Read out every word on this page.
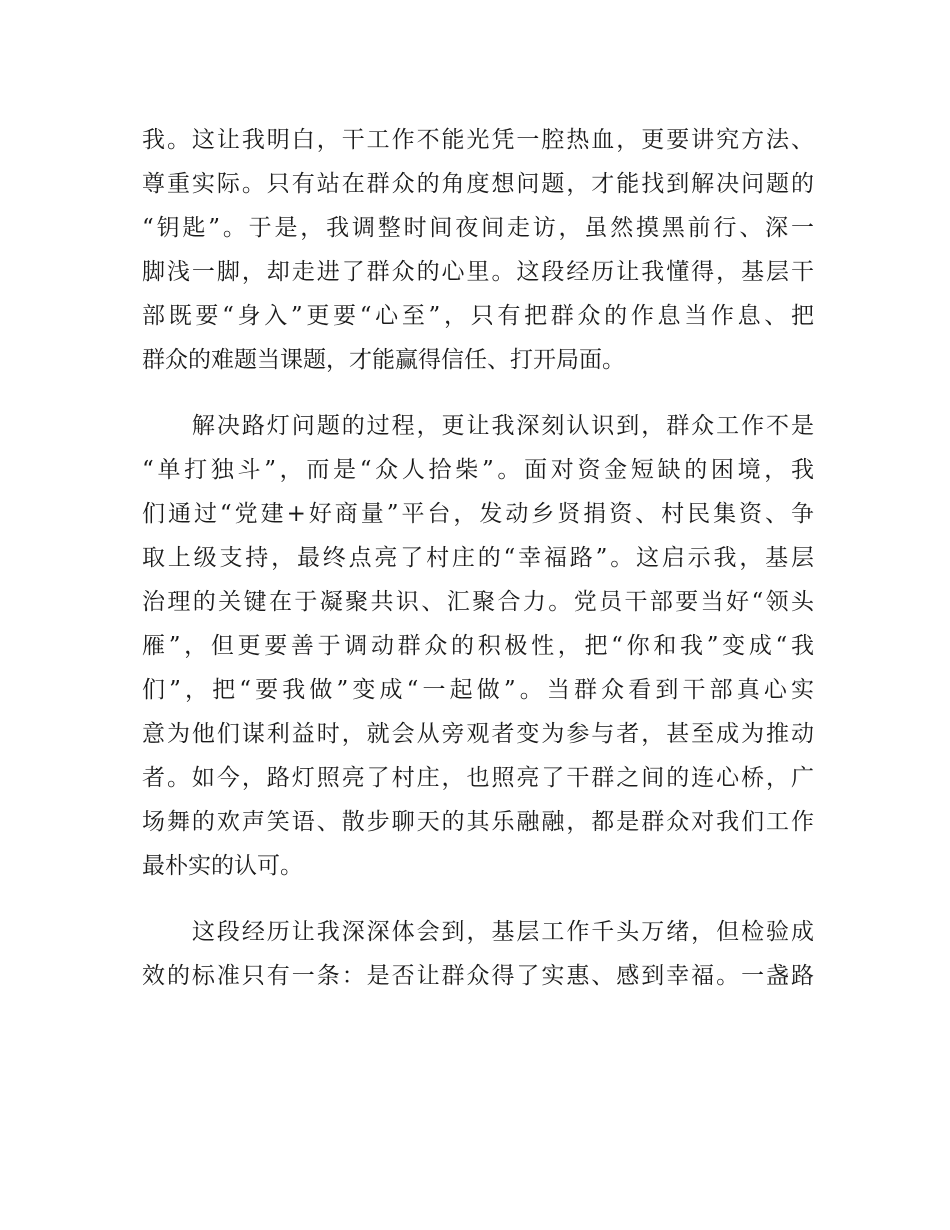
我。这让我明白，干工作不能光凭一腔热血，更要讲究方法、
尊重实际。只有站在群众的角度想问题，才能找到解决问题的
“钥匙”。于是，我调整时间夜间走访，虽然摸黑前行、深一
脚浅一脚，却走进了群众的心里。这段经历让我懂得，基层干
部既要“身入”更要“心至”，只有把群众的作息当作息、把
群众的难题当课题，才能赢得信任、打开局面。

　　解决路灯问题的过程，更让我深刻认识到，群众工作不是
“单打独斗”，而是“众人拾柴”。面对资金短缺的困境，我
们通过“党建+好商量”平台，发动乡贤捐资、村民集资、争
取上级支持，最终点亮了村庄的“幸福路”。这启示我，基层
治理的关键在于凝聚共识、汇聚合力。党员干部要当好“领头
雁”，但更要善于调动群众的积极性，把“你和我”变成“我
们”，把“要我做”变成“一起做”。当群众看到干部真心实
意为他们谋利益时，就会从旁观者变为参与者，甚至成为推动
者。如今，路灯照亮了村庄，也照亮了干群之间的连心桥，广
场舞的欢声笑语、散步聊天的其乐融融，都是群众对我们工作
最朴实的认可。

　　这段经历让我深深体会到，基层工作千头万绪，但检验成
效的标准只有一条：是否让群众得了实惠、感到幸福。一盏路
